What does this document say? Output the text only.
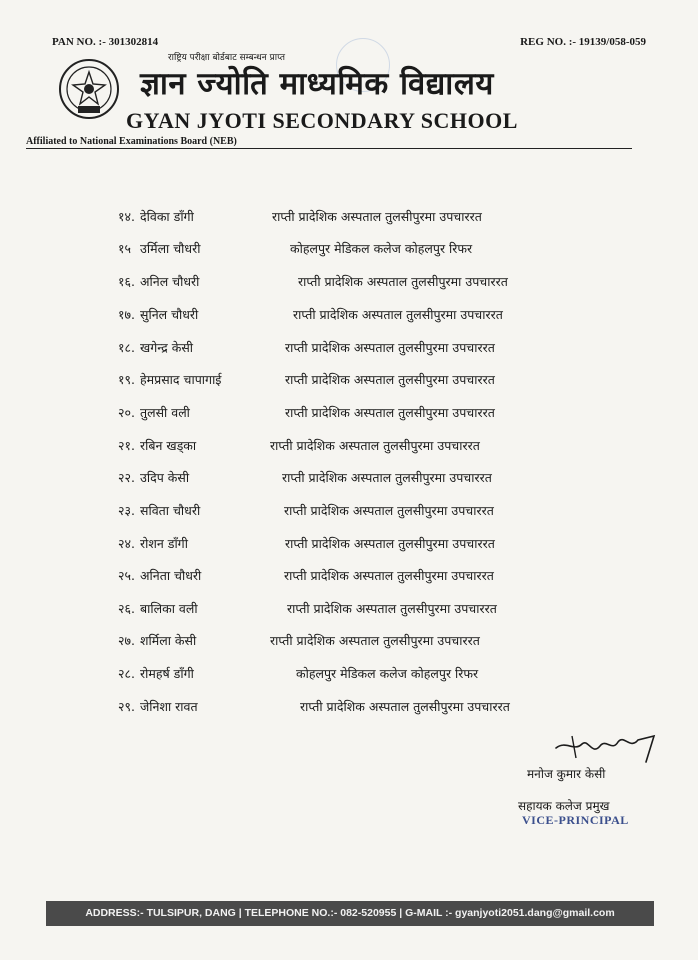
PAN NO. :- 301302814	REG NO. :- 19139/058-059
राष्ट्रिय परीक्षा बोर्डबाट सम्बन्धन प्राप्त
ज्ञान ज्योति माध्यमिक विद्यालय
GYAN JYOTI SECONDARY SCHOOL
Affiliated to National Examinations Board (NEB)
१४. देविका डाँगी	राप्ती प्रादेशिक अस्पताल तुलसीपुरमा उपचाररत
१५ उर्मिला चौधरी	कोहलपुर मेडिकल कलेज कोहलपुर रिफर
१६. अनिल चौधरी	राप्ती प्रादेशिक अस्पताल तुलसीपुरमा उपचाररत
१७. सुनिल चौधरी	राप्ती प्रादेशिक अस्पताल तुलसीपुरमा उपचाररत
१८. खगेन्द्र केसी	राप्ती प्रादेशिक अस्पताल तुलसीपुरमा उपचाररत
१९. हेमप्रसाद चापागाई	राप्ती प्रादेशिक अस्पताल तुलसीपुरमा उपचाररत
२०. तुलसी वली	राप्ती प्रादेशिक अस्पताल तुलसीपुरमा उपचाररत
२१. रबिन खड्का	राप्ती प्रादेशिक अस्पताल तुलसीपुरमा उपचाररत
२२. उदिप केसी	राप्ती प्रादेशिक अस्पताल तुलसीपुरमा उपचाररत
२३. सविता चौधरी	राप्ती प्रादेशिक अस्पताल तुलसीपुरमा उपचाररत
२४. रोशन डाँगी	राप्ती प्रादेशिक अस्पताल तुलसीपुरमा उपचाररत
२५. अनिता चौधरी	राप्ती प्रादेशिक अस्पताल तुलसीपुरमा उपचाररत
२६. बालिका वली	राप्ती प्रादेशिक अस्पताल तुलसीपुरमा उपचाररत
२७. शर्मिला केसी	राप्ती प्रादेशिक अस्पताल तुलसीपुरमा उपचाररत
२८. रोमहर्ष डाँगी	कोहलपुर मेडिकल कलेज कोहलपुर रिफर
२९. जेनिशा रावत	राप्ती प्रादेशिक अस्पताल तुलसीपुरमा उपचाररत
मनोज कुमार केसी
सहायक कलेज प्रमुख
VICE-PRINCIPAL
ADDRESS:- TULSIPUR, DANG | TELEPHONE NO.:- 082-520955 | G-MAIL :- gyanjyoti2051.dang@gmail.com
